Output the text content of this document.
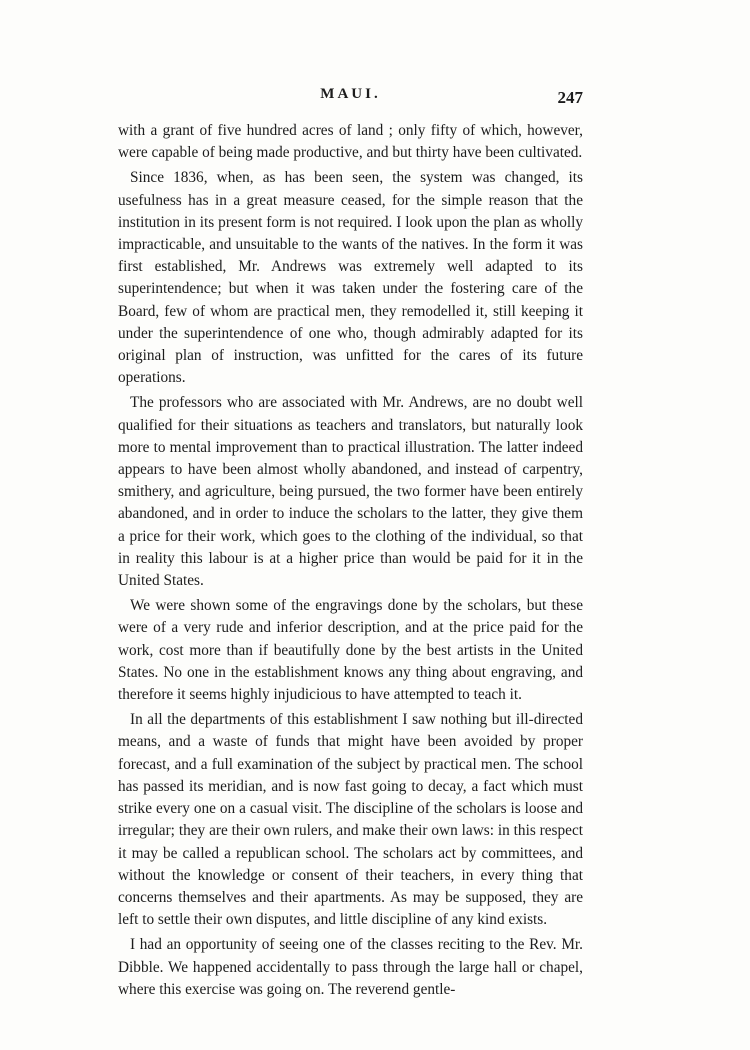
MAUI.	247

with a grant of five hundred acres of land ; only fifty of which, however, were capable of being made productive, and but thirty have been cultivated.

Since 1836, when, as has been seen, the system was changed, its usefulness has in a great measure ceased, for the simple reason that the institution in its present form is not required. I look upon the plan as wholly impracticable, and unsuitable to the wants of the natives. In the form it was first established, Mr. Andrews was extremely well adapted to its superintendence; but when it was taken under the fostering care of the Board, few of whom are practical men, they remodelled it, still keeping it under the superintendence of one who, though admirably adapted for its original plan of instruction, was unfitted for the cares of its future operations.

The professors who are associated with Mr. Andrews, are no doubt well qualified for their situations as teachers and translators, but naturally look more to mental improvement than to practical illustration. The latter indeed appears to have been almost wholly abandoned, and instead of carpentry, smithery, and agriculture, being pursued, the two former have been entirely abandoned, and in order to induce the scholars to the latter, they give them a price for their work, which goes to the clothing of the individual, so that in reality this labour is at a higher price than would be paid for it in the United States.

We were shown some of the engravings done by the scholars, but these were of a very rude and inferior description, and at the price paid for the work, cost more than if beautifully done by the best artists in the United States. No one in the establishment knows any thing about engraving, and therefore it seems highly injudicious to have attempted to teach it.

In all the departments of this establishment I saw nothing but ill-directed means, and a waste of funds that might have been avoided by proper forecast, and a full examination of the subject by practical men. The school has passed its meridian, and is now fast going to decay, a fact which must strike every one on a casual visit. The discipline of the scholars is loose and irregular; they are their own rulers, and make their own laws: in this respect it may be called a republican school. The scholars act by committees, and without the knowledge or consent of their teachers, in every thing that concerns themselves and their apartments. As may be supposed, they are left to settle their own disputes, and little discipline of any kind exists.

I had an opportunity of seeing one of the classes reciting to the Rev. Mr. Dibble. We happened accidentally to pass through the large hall or chapel, where this exercise was going on. The reverend gentle-
